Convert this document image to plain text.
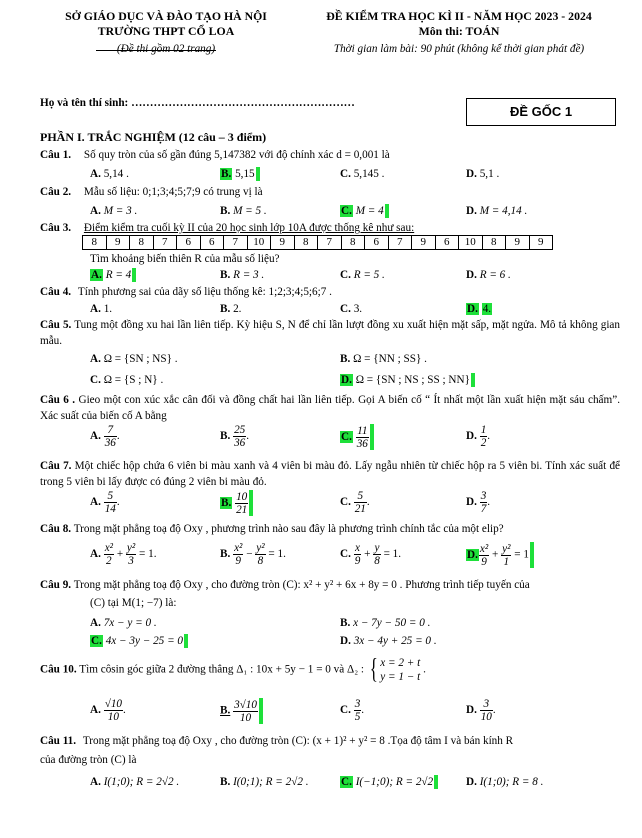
SỞ GIÁO DỤC VÀ ĐÀO TẠO HÀ NỘI
TRƯỜNG THPT CỔ LOA
(Đề thi gồm 02 trang)
ĐỀ KIỂM TRA HỌC KÌ II - NĂM HỌC 2023 - 2024
Môn thi: TOÁN
Thời gian làm bài: 90 phút (không kể thời gian phát đề)
Họ và tên thí sinh: ……………………………………………………
ĐỀ GỐC 1
PHẦN I. TRẮC NGHIỆM (12 câu – 3 điểm)
Câu 1. Số quy tròn của số gần đúng 5,147382 với độ chính xác d = 0,001 là
A. 5,14 .	B. 5,15	C. 5,145 .	D. 5,1 .
Câu 2. Mẫu số liệu: 0;1;3;4;5;7;9 có trung vị là
A. M = 3 .	B. M = 5 .	C. M = 4	D. M = 4,14 .
Câu 3. Điểm kiểm tra cuối kỳ II của 20 học sinh lớp 10A được thống kê như sau:
8	9	8	7	6	6	7	10	9	8	7	8	6	7	9	6	10	8	9	9
Tìm khoảng biến thiên R của mẫu số liệu?
A. R = 4	B. R = 3 .	C. R = 5 .	D. R = 6 .
Câu 4. Tính phương sai của dãy số liệu thống kê: 1;2;3;4;5;6;7 .
A. 1.	B. 2.	C. 3.	D. 4.
Câu 5. Tung một đồng xu hai lần liên tiếp. Kỳ hiệu S, N để chỉ lần lượt đồng xu xuất hiện mặt sấp, mặt ngửa. Mô tả không gian mẫu.
A. Ω = {SN ; NS} .	B. Ω = {NN ; SS} .
C. Ω = {S ; N} .	D. Ω = {SN ; NS ; SS ; NN}
Câu 6 . Gieo một con xúc xắc cân đối và đồng chất hai lần liên tiếp. Gọi A biến cố “ Ít nhất một lần xuất hiện mặt sáu chấm”. Xác suất của biến cố A bằng
A. $\frac{7}{36}$ .	B. $\frac{25}{36}$ .	C. $\frac{11}{36}$	D. $\frac{1}{2}$ .
Câu 7. Một chiếc hộp chứa 6 viên bi màu xanh và 4 viên bi màu đỏ. Lấy ngẫu nhiên từ chiếc hộp ra 5 viên bi. Tính xác suất để trong 5 viên bi lấy được có đúng 2 viên bi màu đỏ.
A. $\frac{5}{14}$ .	B. $\frac{10}{21}$	C. $\frac{5}{21}$ .	D. $\frac{3}{7}$ .
Câu 8. Trong mặt phẳng toạ độ Oxy , phương trình nào sau đây là phương trình chính tắc của một elip?
A. $\frac{\text{x²}}{2} + \frac{\text{y²}}{3} = 1$.	B. $\frac{\text{x²}}{9} - \frac{\text{y²}}{8} = 1$.	C. $\frac{x}{9} + \frac{y}{8} = 1$.	D. $\frac{\text{x²}}{9} + \frac{\text{y²}}{1} = 1$
Câu 9. Trong mặt phẳng toạ độ Oxy , cho đường tròn (C): x² + y² + 6x + 8y = 0 . Phương trình tiếp tuyến của
(C) tại M(1; −7) là:
A. 7x − y = 0 .	B. x − 7y − 50 = 0 .
C. 4x − 3y − 25 = 0	D. 3x − 4y + 25 = 0 .
Câu 10. Tìm côsin góc giữa 2 đường thẳng Δ₁ : 10x + 5y − 1 = 0 và Δ₂ : { x = 2 + t
y = 1 − t
.
A. $\frac{√10}{10}$ .	B. $\frac{3√10}{10}$	C. $\frac{3}{5}$ .	D. $\frac{3}{10}$ .
Câu 11. Trong mặt phẳng toạ độ Oxy , cho đường tròn (C): (x + 1)² + y² = 8 .Tọa độ tâm I và bán kính R
của đường tròn (C) là
A. I(1;0); R = 2√2 .	B. I(0;1); R = 2√2 .	C. I(−1;0); R = 2√2	D. I(1;0); R = 8 .
